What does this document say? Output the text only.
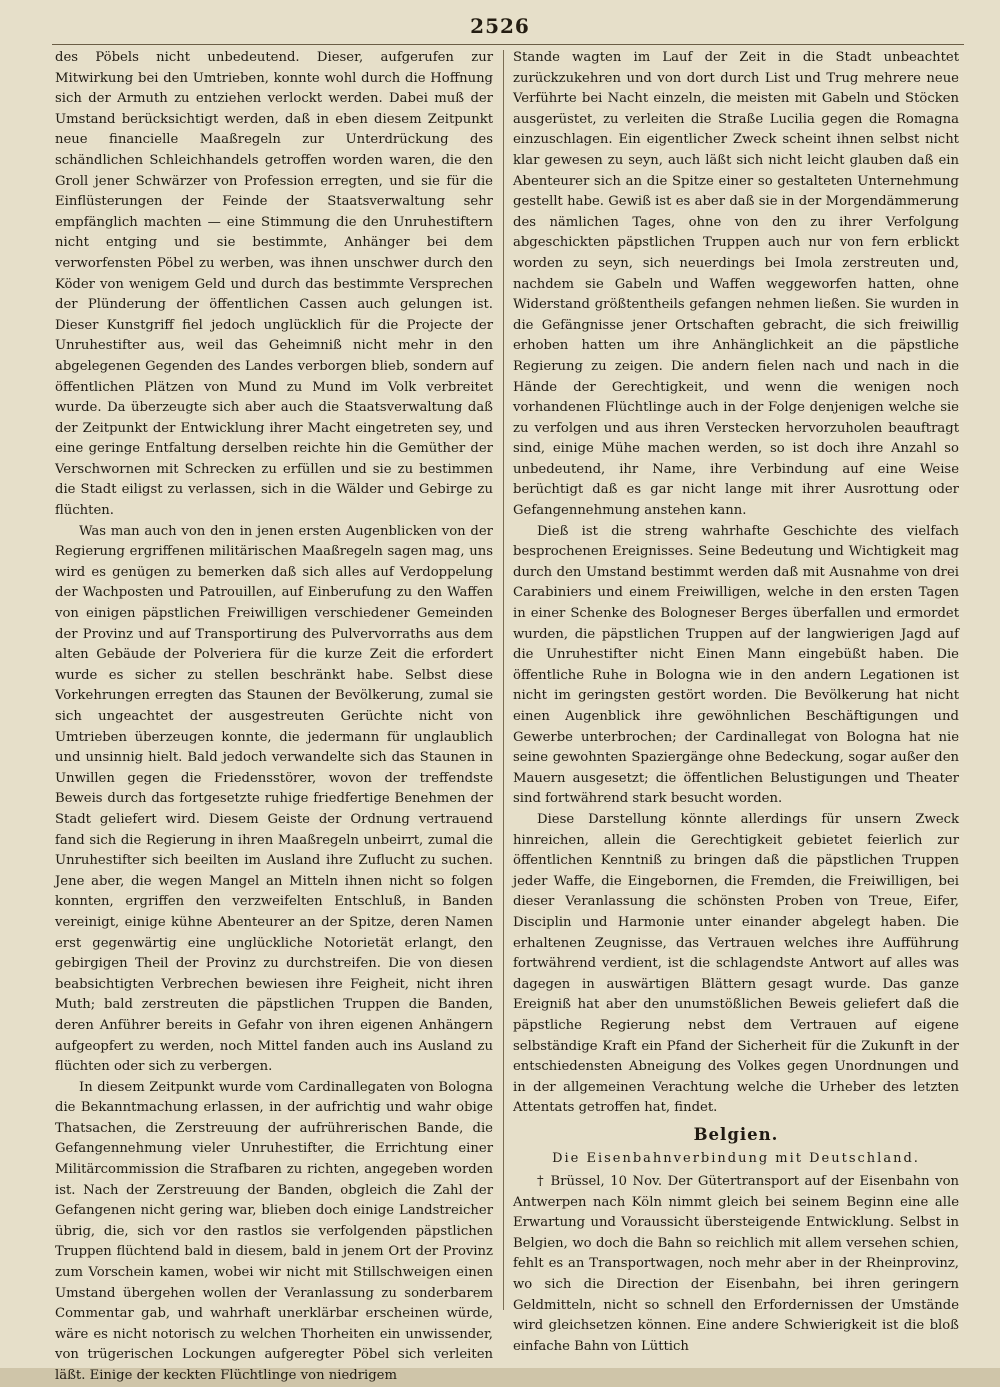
2526

des Pöbels nicht unbedeutend. Dieser, aufgerufen zur Mitwirkung bei den Umtrieben, konnte wohl durch die Hoffnung sich der Armuth zu entziehen verlockt werden. Dabei muß der Umstand berücksichtigt werden, daß in eben diesem Zeitpunkt neue financielle Maaßregeln zur Unterdrückung des schändlichen Schleichhandels getroffen worden waren, die den Groll jener Schwärzer von Profession erregten, und sie für die Einflüsterungen der Feinde der Staatsverwaltung sehr empfänglich machten — eine Stimmung die den Unruhestiftern nicht entging und sie bestimmte, Anhänger bei dem verworfensten Pöbel zu werben, was ihnen unschwer durch den Köder von wenigem Geld und durch das bestimmte Versprechen der Plünderung der öffentlichen Cassen auch gelungen ist. Dieser Kunstgriff fiel jedoch unglücklich für die Projecte der Unruhestifter aus, weil das Geheimniß nicht mehr in den abgelegenen Gegenden des Landes verborgen blieb, sondern auf öffentlichen Plätzen von Mund zu Mund im Volk verbreitet wurde. Da überzeugte sich aber auch die Staatsverwaltung daß der Zeitpunkt der Entwicklung ihrer Macht eingetreten sey, und eine geringe Entfaltung derselben reichte hin die Gemüther der Verschwornen mit Schrecken zu erfüllen und sie zu bestimmen die Stadt eiligst zu verlassen, sich in die Wälder und Gebirge zu flüchten.

Was man auch von den in jenen ersten Augenblicken von der Regierung ergriffenen militärischen Maaßregeln sagen mag, uns wird es genügen zu bemerken daß sich alles auf Verdoppelung der Wachposten und Patrouillen, auf Einberufung zu den Waffen von einigen päpstlichen Freiwilligen verschiedener Gemeinden der Provinz und auf Transportirung des Pulvervorraths aus dem alten Gebäude der Polveriera für die kurze Zeit die erfordert wurde es sicher zu stellen beschränkt habe. Selbst diese Vorkehrungen erregten das Staunen der Bevölkerung, zumal sie sich ungeachtet der ausgestreuten Gerüchte nicht von Umtrieben überzeugen konnte, die jedermann für unglaublich und unsinnig hielt. Bald jedoch verwandelte sich das Staunen in Unwillen gegen die Friedensstörer, wovon der treffendste Beweis durch das fortgesetzte ruhige friedfertige Benehmen der Stadt geliefert wird. Diesem Geiste der Ordnung vertrauend fand sich die Regierung in ihren Maaßregeln unbeirrt, zumal die Unruhestifter sich beeilten im Ausland ihre Zuflucht zu suchen. Jene aber, die wegen Mangel an Mitteln ihnen nicht so folgen konnten, ergriffen den verzweifelten Entschluß, in Banden vereinigt, einige kühne Abenteurer an der Spitze, deren Namen erst gegenwärtig eine unglückliche Notorietät erlangt, den gebirgigen Theil der Provinz zu durchstreifen. Die von diesen beabsichtigten Verbrechen bewiesen ihre Feigheit, nicht ihren Muth; bald zerstreuten die päpstlichen Truppen die Banden, deren Anführer bereits in Gefahr von ihren eigenen Anhängern aufgeopfert zu werden, noch Mittel fanden auch ins Ausland zu flüchten oder sich zu verbergen.

In diesem Zeitpunkt wurde vom Cardinallegaten von Bologna die Bekanntmachung erlassen, in der aufrichtig und wahr obige Thatsachen, die Zerstreuung der aufrührerischen Bande, die Gefangennehmung vieler Unruhestifter, die Errichtung einer Militärcommission die Strafbaren zu richten, angegeben worden ist. Nach der Zerstreuung der Banden, obgleich die Zahl der Gefangenen nicht gering war, blieben doch einige Landstreicher übrig, die, sich vor den rastlos sie verfolgenden päpstlichen Truppen flüchtend bald in diesem, bald in jenem Ort der Provinz zum Vorschein kamen, wobei wir nicht mit Stillschweigen einen Umstand übergehen wollen der Veranlassung zu sonderbarem Commentar gab, und wahrhaft unerklärbar erscheinen würde, wäre es nicht notorisch zu welchen Thorheiten ein unwissender, von trügerischen Lockungen aufgeregter Pöbel sich verleiten läßt. Einige der keckten Flüchtlinge von niedrigem

Stande wagten im Lauf der Zeit in die Stadt unbeachtet zurückzukehren und von dort durch List und Trug mehrere neue Verführte bei Nacht einzeln, die meisten mit Gabeln und Stöcken ausgerüstet, zu verleiten die Straße Lucilia gegen die Romagna einzuschlagen. Ein eigentlicher Zweck scheint ihnen selbst nicht klar gewesen zu seyn, auch läßt sich nicht leicht glauben daß ein Abenteurer sich an die Spitze einer so gestalteten Unternehmung gestellt habe. Gewiß ist es aber daß sie in der Morgendämmerung des nämlichen Tages, ohne von den zu ihrer Verfolgung abgeschickten päpstlichen Truppen auch nur von fern erblickt worden zu seyn, sich neuerdings bei Imola zerstreuten und, nachdem sie Gabeln und Waffen weggeworfen hatten, ohne Widerstand größtentheils gefangen nehmen ließen. Sie wurden in die Gefängnisse jener Ortschaften gebracht, die sich freiwillig erhoben hatten um ihre Anhänglichkeit an die päpstliche Regierung zu zeigen. Die andern fielen nach und nach in die Hände der Gerechtigkeit, und wenn die wenigen noch vorhandenen Flüchtlinge auch in der Folge denjenigen welche sie zu verfolgen und aus ihren Verstecken hervorzuholen beauftragt sind, einige Mühe machen werden, so ist doch ihre Anzahl so unbedeutend, ihr Name, ihre Verbindung auf eine Weise berüchtigt daß es gar nicht lange mit ihrer Ausrottung oder Gefangennehmung anstehen kann.

Dieß ist die streng wahrhafte Geschichte des vielfach besprochenen Ereignisses. Seine Bedeutung und Wichtigkeit mag durch den Umstand bestimmt werden daß mit Ausnahme von drei Carabiniers und einem Freiwilligen, welche in den ersten Tagen in einer Schenke des Bologneser Berges überfallen und ermordet wurden, die päpstlichen Truppen auf der langwierigen Jagd auf die Unruhestifter nicht Einen Mann eingebüßt haben. Die öffentliche Ruhe in Bologna wie in den andern Legationen ist nicht im geringsten gestört worden. Die Bevölkerung hat nicht einen Augenblick ihre gewöhnlichen Beschäftigungen und Gewerbe unterbrochen; der Cardinallegat von Bologna hat nie seine gewohnten Spaziergänge ohne Bedeckung, sogar außer den Mauern ausgesetzt; die öffentlichen Belustigungen und Theater sind fortwährend stark besucht worden.

Diese Darstellung könnte allerdings für unsern Zweck hinreichen, allein die Gerechtigkeit gebietet feierlich zur öffentlichen Kenntniß zu bringen daß die päpstlichen Truppen jeder Waffe, die Eingebornen, die Fremden, die Freiwilligen, bei dieser Veranlassung die schönsten Proben von Treue, Eifer, Disciplin und Harmonie unter einander abgelegt haben. Die erhaltenen Zeugnisse, das Vertrauen welches ihre Aufführung fortwährend verdient, ist die schlagendste Antwort auf alles was dagegen in auswärtigen Blättern gesagt wurde. Das ganze Ereigniß hat aber den unumstößlichen Beweis geliefert daß die päpstliche Regierung nebst dem Vertrauen auf eigene selbständige Kraft ein Pfand der Sicherheit für die Zukunft in der entschiedensten Abneigung des Volkes gegen Unordnungen und in der allgemeinen Verachtung welche die Urheber des letzten Attentats getroffen hat, findet.

Belgien.

Die Eisenbahnverbindung mit Deutschland.

† Brüssel, 10 Nov. Der Gütertransport auf der Eisenbahn von Antwerpen nach Köln nimmt gleich bei seinem Beginn eine alle Erwartung und Voraussicht übersteigende Entwicklung. Selbst in Belgien, wo doch die Bahn so reichlich mit allem versehen schien, fehlt es an Transportwagen, noch mehr aber in der Rheinprovinz, wo sich die Direction der Eisenbahn, bei ihren geringern Geldmitteln, nicht so schnell den Erfordernissen der Umstände wird gleichsetzen können. Eine andere Schwierigkeit ist die bloß einfache Bahn von Lüttich
